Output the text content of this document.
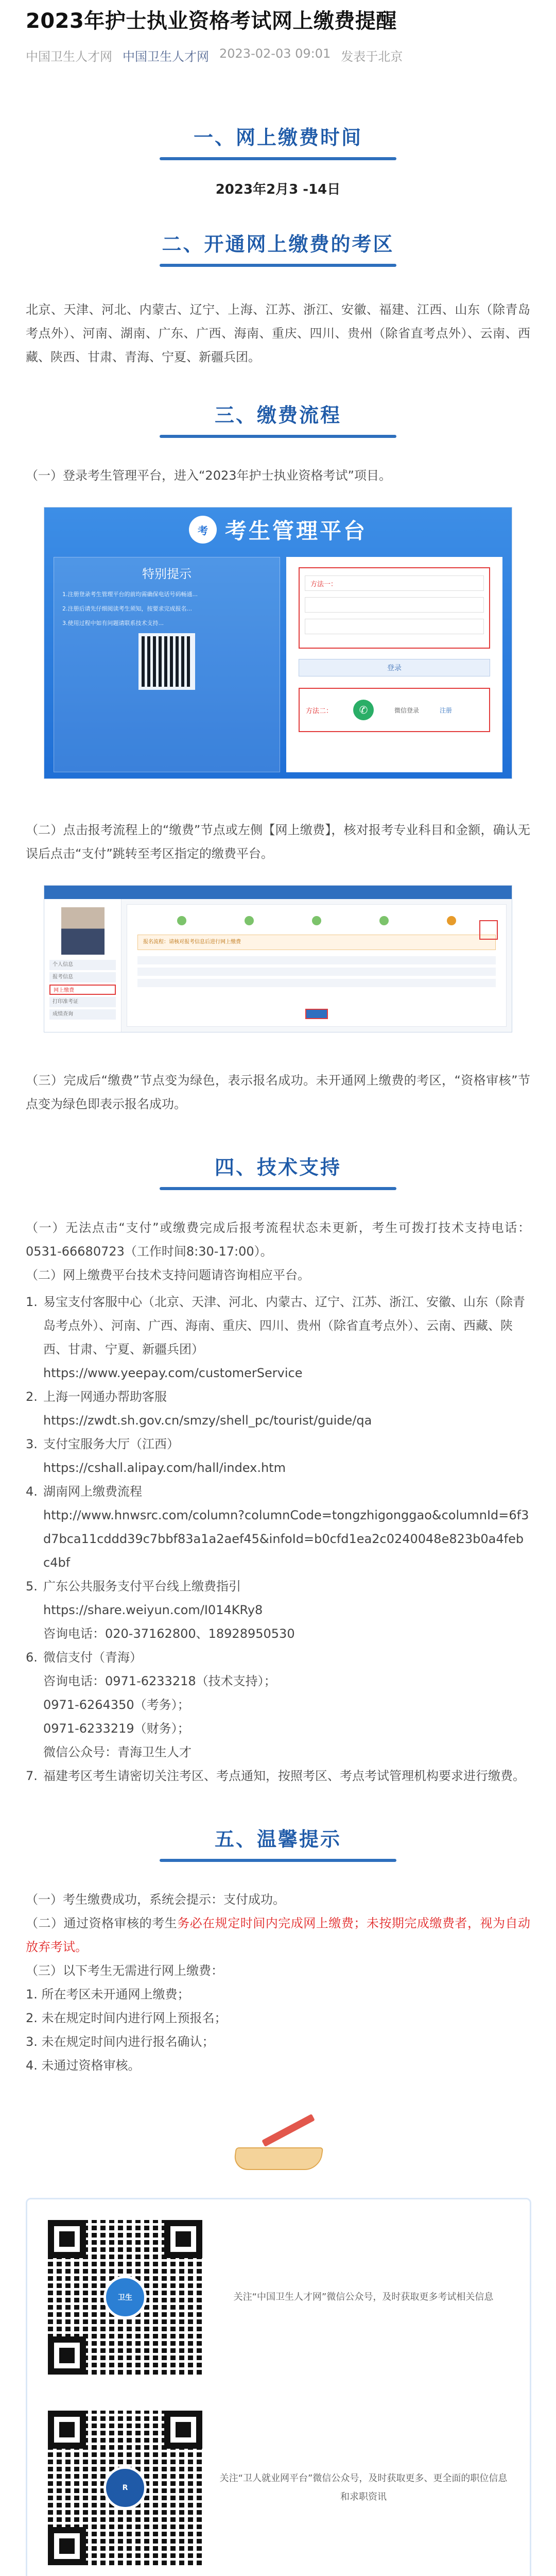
2023年护士执业资格考试网上缴费提醒
中国卫生人才网 中国卫生人才网 2023-02-03 09:01 发表于北京
一、网上缴费时间
2023年2月3 -14日
二、开通网上缴费的考区

北京、天津、河北、内蒙古、辽宁、上海、江苏、浙江、安徽、福建、江西、山东（除青岛考点外）、河南、湖南、广东、广西、海南、重庆、四川、贵州（除省直考点外）、云南、西藏、陕西、甘肃、青海、宁夏、新疆兵团。

三、缴费流程

（一）登录考生管理平台，进入“2023年护士执业资格考试”项目。

考 考生管理平台
特别提示

1.注册登录考生管理平台的前均需确保电话号码畅通...

2.注册后请先仔细阅读考生须知，按要求完成报名...

3.使用过程中如有问题请联系技术支持...

方法一：
登录
方法二：	✆	微信登录	注册

（二）点击报考流程上的“缴费”节点或左侧【网上缴费】，核对报考专业科目和金额，确认无误后点击“支付”跳转至考区指定的缴费平台。

个人信息
报考信息
网上缴费
打印准考证
成绩查询
报名流程：请核对报考信息后进行网上缴费

（三）完成后“缴费”节点变为绿色，表示报名成功。未开通网上缴费的考区，“资格审核”节点变为绿色即表示报名成功。

四、技术支持

（一）无法点击“支付”或缴费完成后报考流程状态未更新，考生可拨打技术支持电话：0531-66680723（工作时间8:30-17:00）。

（二）网上缴费平台技术支持问题请咨询相应平台。

1. 易宝支付客服中心（北京、天津、河北、内蒙古、辽宁、江苏、浙江、安徽、山东（除青岛考点外）、河南、广西、海南、重庆、四川、贵州（除省直考点外）、云南、西藏、陕西、甘肃、宁夏、新疆兵团）
https://www.yeepay.com/customerService
2. 上海一网通办帮助客服
https://zwdt.sh.gov.cn/smzy/shell_pc/tourist/guide/qa
3. 支付宝服务大厅（江西）
https://cshall.alipay.com/hall/index.htm
4. 湖南网上缴费流程
http://www.hnwsrc.com/column?columnCode=tongzhigonggao&columnId=6f3d7bca11cddd39c7bbf83a1a2aef45&infoId=b0cfd1ea2c0240048e823b0a4febc4bf
5. 广东公共服务支付平台线上缴费指引
https://share.weiyun.com/I014KRy8
咨询电话：020-37162800、18928950530
6. 微信支付（青海）
咨询电话：0971-6233218（技术支持）；
0971-6264350（考务）；
0971-6233219（财务）；
微信公众号：青海卫生人才
7. 福建考区考生请密切关注考区、考点通知，按照考区、考点考试管理机构要求进行缴费。
五、温馨提示

（一）考生缴费成功，系统会提示：支付成功。

（二）通过资格审核的考生务必在规定时间内完成网上缴费；未按期完成缴费者，视为自动放弃考试。

（三）以下考生无需进行网上缴费：

1. 所在考区未开通网上缴费；
2. 未在规定时间内进行网上预报名；
3. 未在规定时间内进行报名确认；
4. 未通过资格审核。
卫生	关注“中国卫生人才网”微信公众号，及时获取更多考试相关信息
R
关注“卫人就业网平台”微信公众号，及时获取更多、更全面的职位信息和求职资讯
